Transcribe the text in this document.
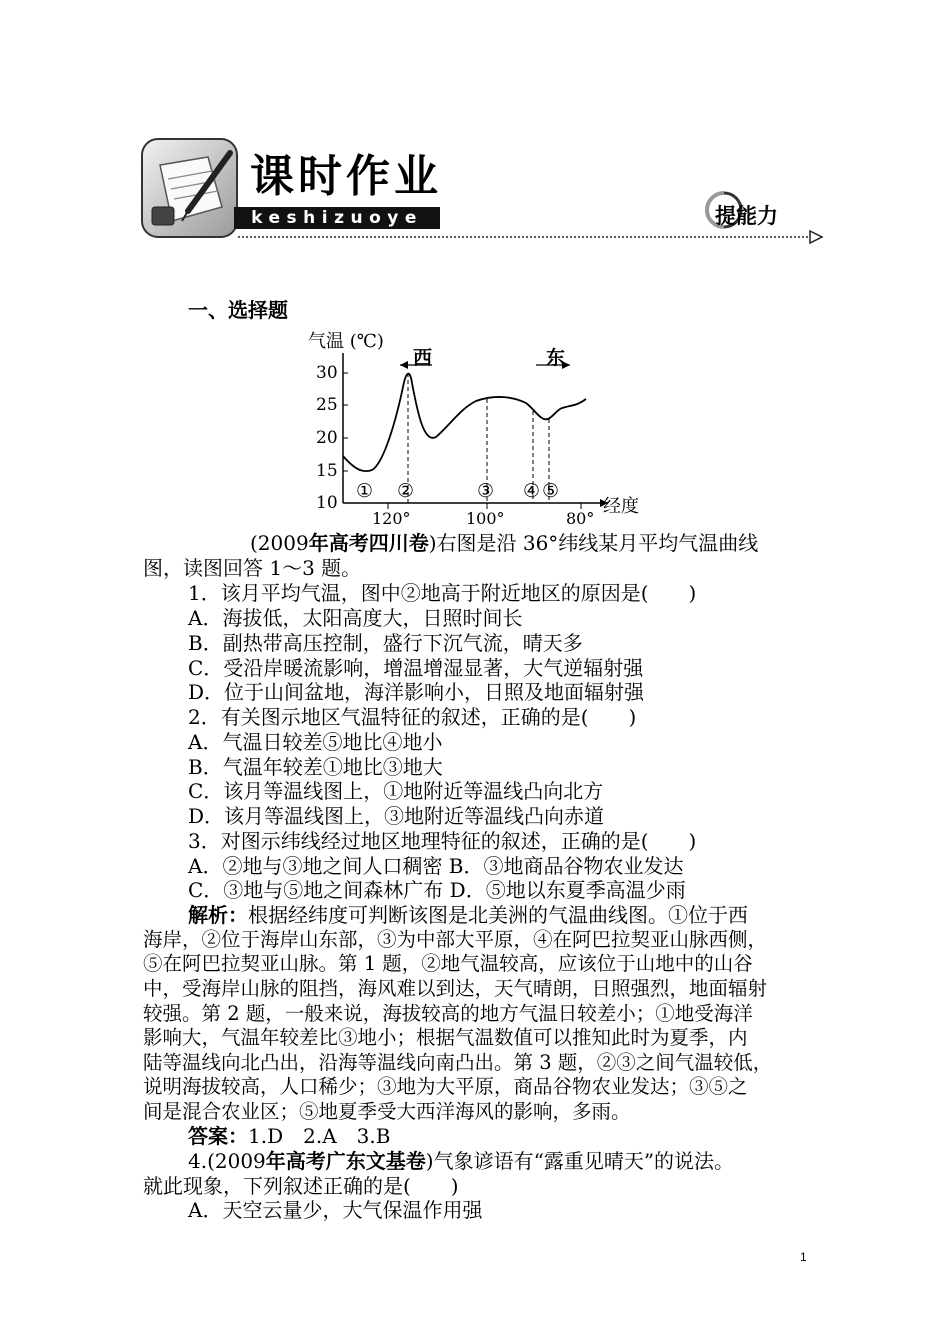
课时作业
keshizuoye	提能力
一、选择题
气温 (℃)
西	东
30
25
20
15
10
① ②	③ ④ ⑤
经度
120°	100°	80°
(2009年高考四川卷)右图是沿 36°纬线某月平均气温曲线
图，读图回答 1～3 题。
1．该月平均气温，图中②地高于附近地区的原因是(　　)
A．海拔低，太阳高度大，日照时间长
B．副热带高压控制，盛行下沉气流，晴天多
C．受沿岸暖流影响，增温增湿显著，大气逆辐射强
D．位于山间盆地，海洋影响小，日照及地面辐射强
2．有关图示地区气温特征的叙述，正确的是(　　)
A．气温日较差⑤地比④地小
B．气温年较差①地比③地大
C．该月等温线图上，①地附近等温线凸向北方
D．该月等温线图上，③地附近等温线凸向赤道
3．对图示纬线经过地区地理特征的叙述，正确的是(　　)
A．②地与③地之间人口稠密 B．③地商品谷物农业发达
C．③地与⑤地之间森林广布 D．⑤地以东夏季高温少雨
解析：根据经纬度可判断该图是北美洲的气温曲线图。①位于西
海岸，②位于海岸山东部，③为中部大平原，④在阿巴拉契亚山脉西侧，
⑤在阿巴拉契亚山脉。第 1 题，②地气温较高，应该位于山地中的山谷
中，受海岸山脉的阻挡，海风难以到达，天气晴朗，日照强烈，地面辐射
较强。第 2 题，一般来说，海拔较高的地方气温日较差小；①地受海洋
影响大，气温年较差比③地小；根据气温数值可以推知此时为夏季，内
陆等温线向北凸出，沿海等温线向南凸出。第 3 题，②③之间气温较低，
说明海拔较高，人口稀少；③地为大平原，商品谷物农业发达；③⑤之
间是混合农业区；⑤地夏季受大西洋海风的影响，多雨。
答案：1.D　2.A　3.B
4.(2009年高考广东文基卷)气象谚语有“露重见晴天”的说法。
就此现象，下列叙述正确的是(　　)
A．天空云量少，大气保温作用强
1
